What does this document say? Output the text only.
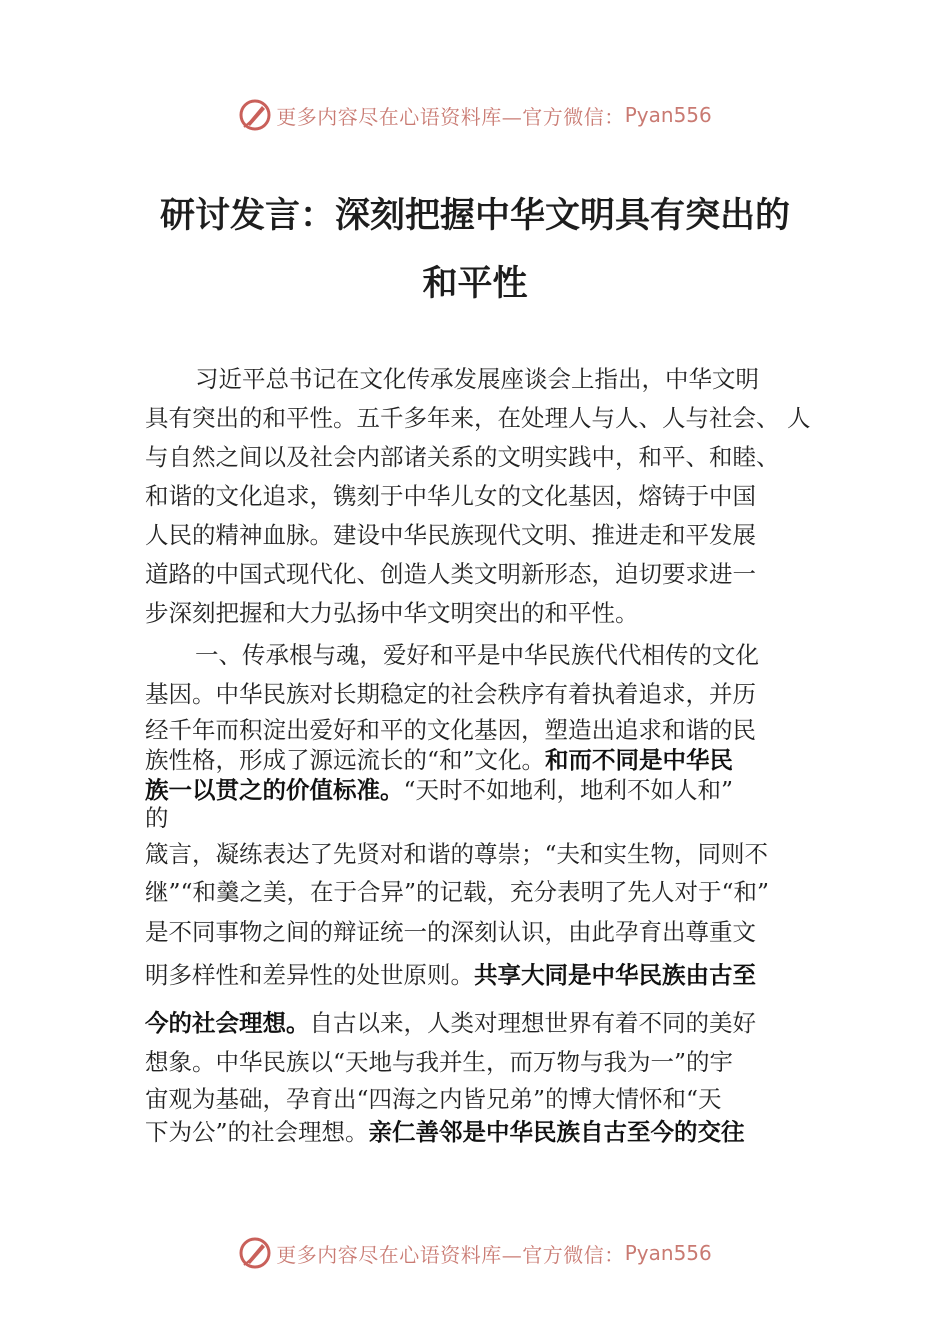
更多内容尽在心语资料库—官方微信： Pyan556
研讨发言：深刻把握中华文明具有突出的
和平性
习近平总书记在文化传承发展座谈会上指出，中华文明
具有突出的和平性。五千多年来，在处理人与人、人与社会、 人
与自然之间以及社会内部诸关系的文明实践中，和平、和睦、
和谐的文化追求，镌刻于中华儿女的文化基因，熔铸于中国
人民的精神血脉。建设中华民族现代文明、推进走和平发展
道路的中国式现代化、创造人类文明新形态，迫切要求进一
步深刻把握和大力弘扬中华文明突出的和平性。
一、传承根与魂，爱好和平是中华民族代代相传的文化
基因。中华民族对长期稳定的社会秩序有着执着追求，并历
经千年而积淀出爱好和平的文化基因，塑造出追求和谐的民
族性格，形成了源远流长的“和”文化。和而不同是中华民
族一以贯之的价值标准。“天时不如地利，地利不如人和”
的
箴言，凝练表达了先贤对和谐的尊崇；“夫和实生物，同则不
继”“和羹之美，在于合异”的记载，充分表明了先人对于“和”
是不同事物之间的辩证统一的深刻认识，由此孕育出尊重文
明多样性和差异性的处世原则。共享大同是中华民族由古至
今的社会理想。自古以来，人类对理想世界有着不同的美好
想象。中华民族以“天地与我并生，而万物与我为一”的宇
宙观为基础，孕育出“四海之内皆兄弟”的博大情怀和“天
下为公”的社会理想。亲仁善邻是中华民族自古至今的交往
更多内容尽在心语资料库—官方微信： Pyan556
